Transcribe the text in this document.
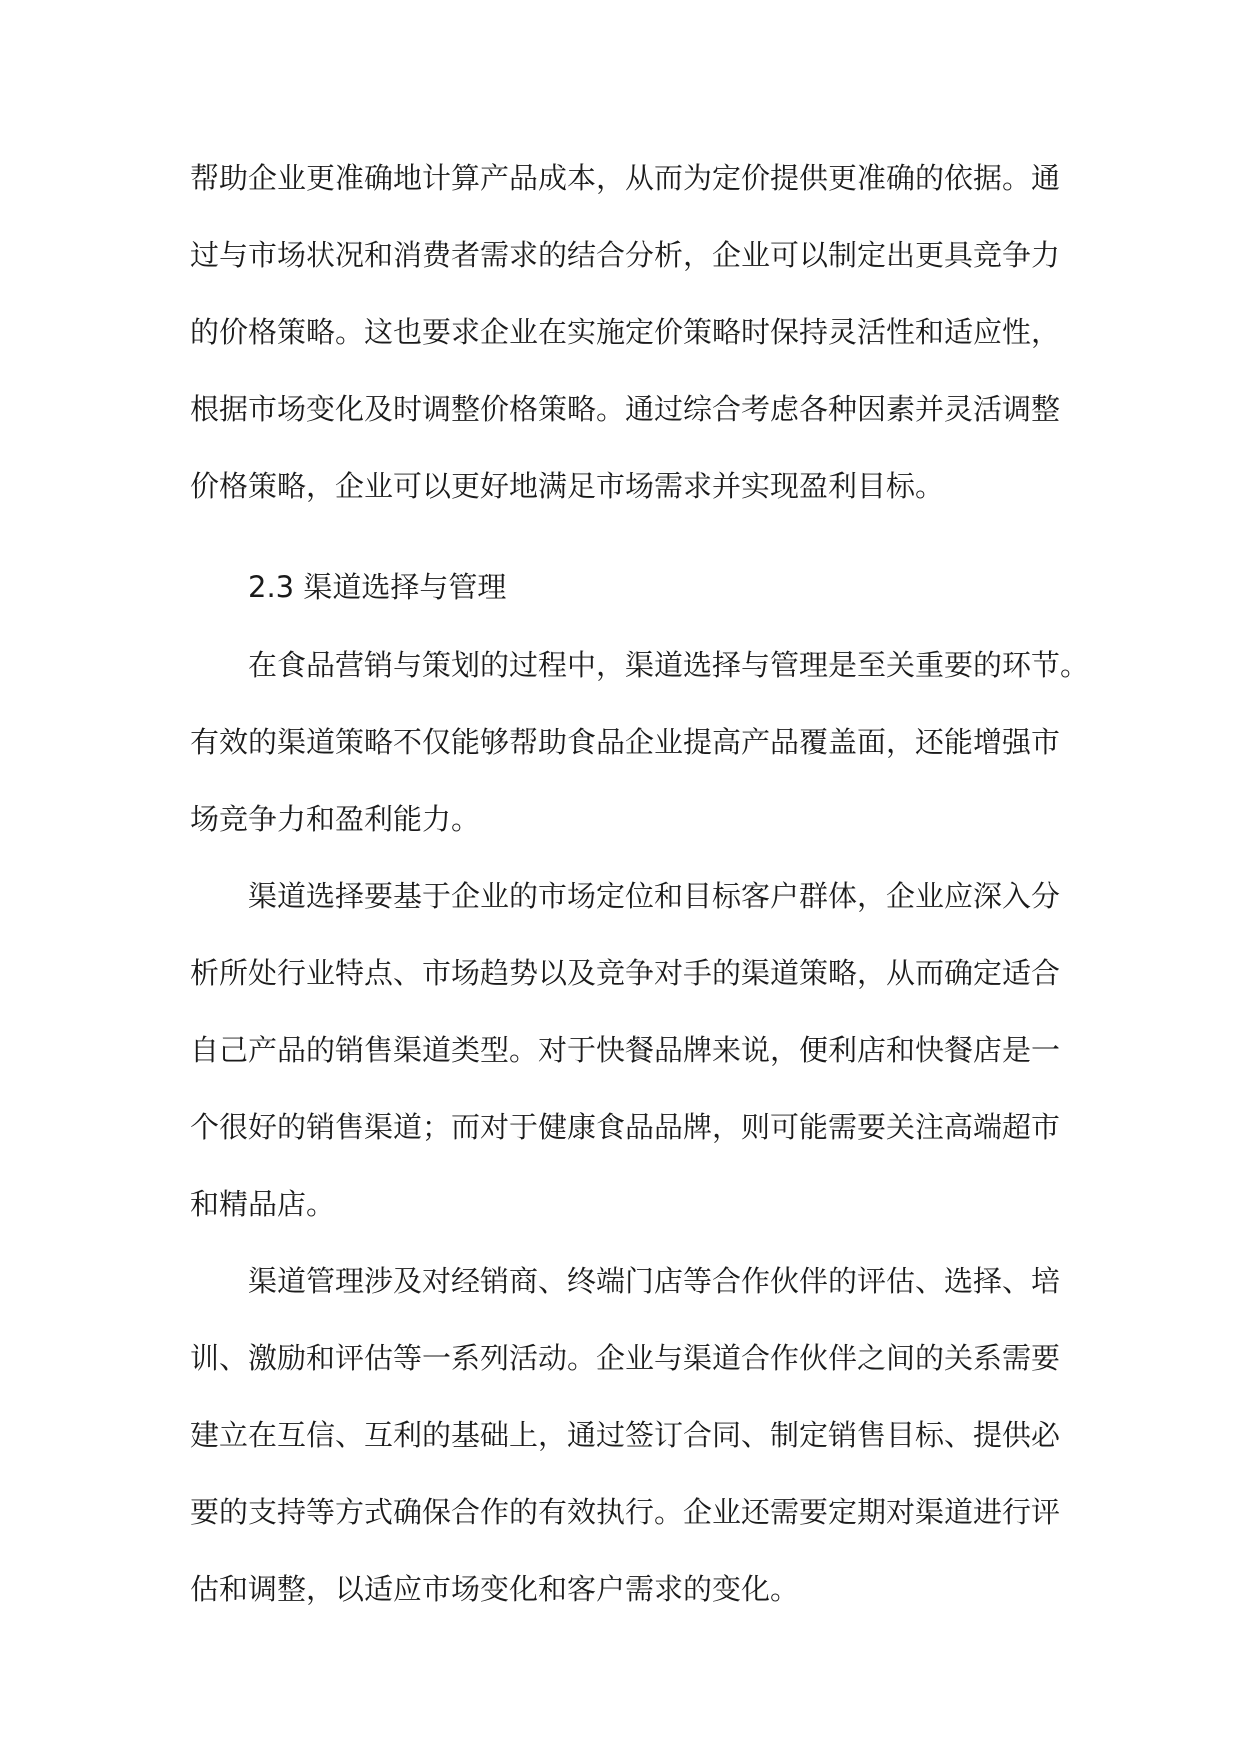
帮助企业更准确地计算产品成本，从而为定价提供更准确的依据。通
过与市场状况和消费者需求的结合分析，企业可以制定出更具竞争力
的价格策略。这也要求企业在实施定价策略时保持灵活性和适应性，
根据市场变化及时调整价格策略。通过综合考虑各种因素并灵活调整
价格策略，企业可以更好地满足市场需求并实现盈利目标。
2.3 渠道选择与管理
在食品营销与策划的过程中，渠道选择与管理是至关重要的环节。
有效的渠道策略不仅能够帮助食品企业提高产品覆盖面，还能增强市
场竞争力和盈利能力。
渠道选择要基于企业的市场定位和目标客户群体，企业应深入分
析所处行业特点、市场趋势以及竞争对手的渠道策略，从而确定适合
自己产品的销售渠道类型。对于快餐品牌来说，便利店和快餐店是一
个很好的销售渠道；而对于健康食品品牌，则可能需要关注高端超市
和精品店。
渠道管理涉及对经销商、终端门店等合作伙伴的评估、选择、培
训、激励和评估等一系列活动。企业与渠道合作伙伴之间的关系需要
建立在互信、互利的基础上，通过签订合同、制定销售目标、提供必
要的支持等方式确保合作的有效执行。企业还需要定期对渠道进行评
估和调整，以适应市场变化和客户需求的变化。
